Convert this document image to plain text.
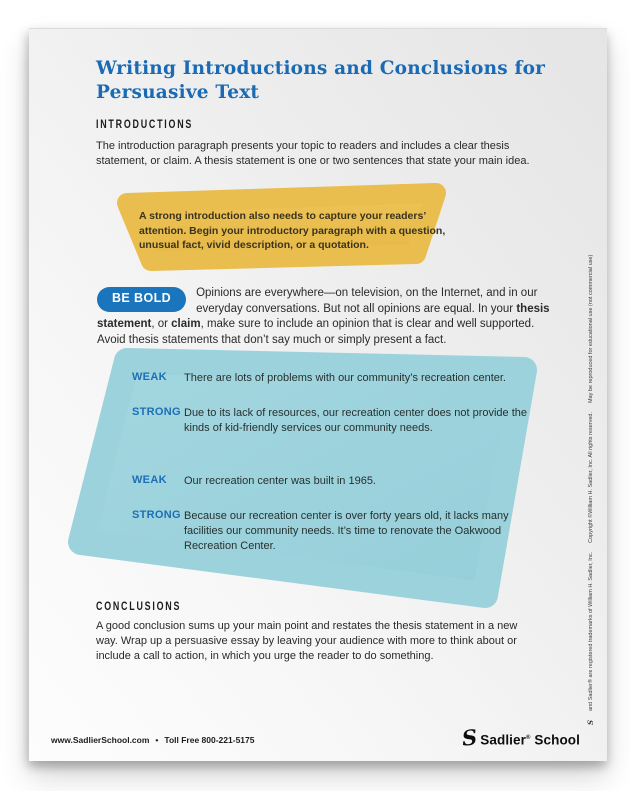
Writing Introductions and Conclusions for
Persuasive Text
INTRODUCTIONS
The introduction paragraph presents your topic to readers and includes a clear thesis statement, or claim. A thesis statement is one or two sentences that state your main idea.
A strong introduction also needs to capture your readers’ attention. Begin your introductory paragraph with a question, unusual fact, vivid description, or a quotation.
BE BOLD	Opinions are everywhere—on television, on the Internet, and in our everyday conversations. But not all opinions are equal. In your thesis statement, or claim, make sure to include an opinion that is clear and well supported. Avoid thesis statements that don’t say much or simply present a fact.
WEAK	There are lots of problems with our community’s recreation center.
STRONG Due to its lack of resources, our recreation center does not provide the kinds of kid-friendly services our community needs.
WEAK	Our recreation center was built in 1965.
STRONG Because our recreation center is over forty years old, it lacks many facilities our community needs. It’s time to renovate the Oakwood Recreation Center.
CONCLUSIONS
A good conclusion sums up your main point and restates the thesis statement in a new way. Wrap up a persuasive essay by leaving your audience with more to think about or include a call to action, in which you urge the reader to do something.
www.SadlierSchool.com • Toll Free 800-221-5175	S Sadlier® School
S
and Sadlier® are registered trademarks of William H. Sadlier, Inc.
Copyright ©William H. Sadlier, Inc. All rights reserved.
May be reproduced for educational use (not commercial use)
